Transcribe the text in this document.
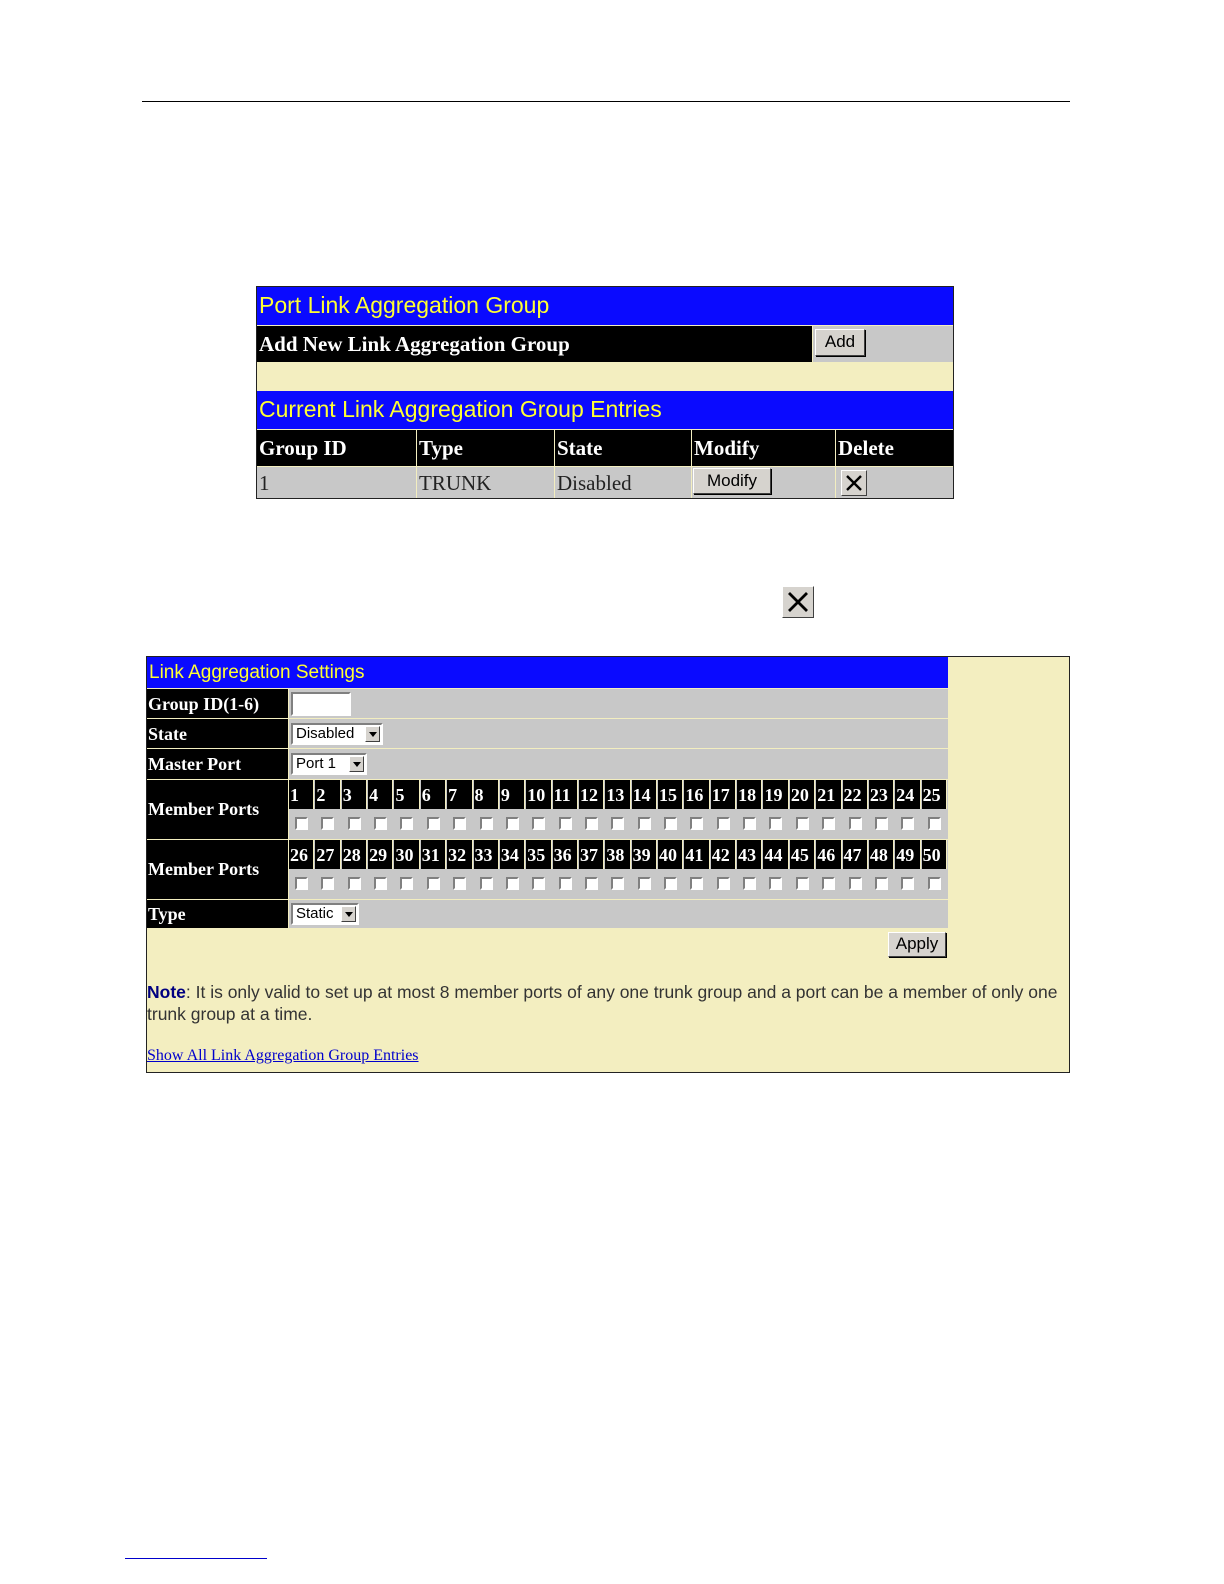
Port Link Aggregation Group
Add New Link Aggregation Group	Add
Current Link Aggregation Group Entries
Group ID	Type	State	Modify	Delete
1	TRUNK	Disabled	Modify
Link Aggregation Settings
Group ID(1-6)
State	Disabled
Master Port	Port 1
Member Ports
1 2 3 4 5 6 7 8 9 10 11 12 13 14 15 16 17 18 19 20 21 22 23 24 25
Member Ports
26 27 28 29 30 31 32 33 34 35 36 37 38 39 40 41 42 43 44 45 46 47 48 49 50
Type	Static
Apply
Note: It is only valid to set up at most 8 member ports of any one trunk group and a port can be a member of only one trunk group at a time.
Show All Link Aggregation Group Entries
